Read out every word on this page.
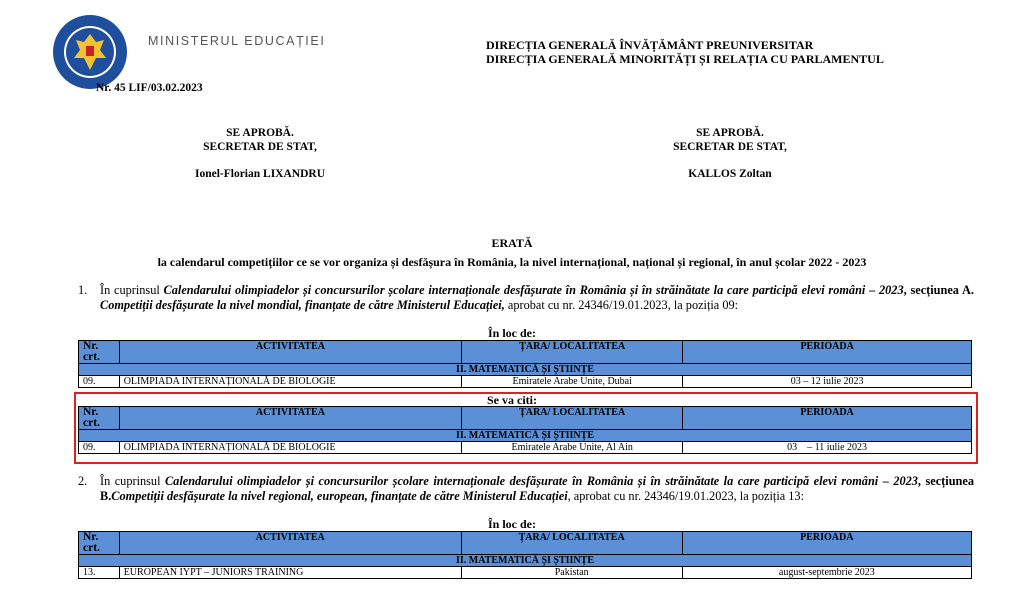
MINISTERUL EDUCAȚIEI	DIRECȚIA GENERALĂ ÎNVĂȚĂMÂNT PREUNIVERSITAR
DIRECȚIA GENERALĂ MINORITĂȚI ȘI RELAȚIA CU PARLAMENTUL
Nr. 45 LIF/03.02.2023
SE APROBĂ.
SECRETAR DE STAT,
Ionel-Florian LIXANDRU
SE APROBĂ.
SECRETAR DE STAT,
KALLOS Zoltan
ERATĂ
la calendarul competițiilor ce se vor organiza și desfășura în România, la nivel internațional, național și regional, în anul școlar 2022 - 2023
1. În cuprinsul Calendarului olimpiadelor și concursurilor școlare internaționale desfășurate în România și în străinătate la care participă elevi români – 2023, secțiunea A. Competiții desfășurate la nivel mondial, finanțate de către Ministerul Educației, aprobat cu nr. 24346/19.01.2023, la poziția 09:
În loc de:
Nr.
crt.	ACTIVITATEA	ȚARA/ LOCALITATEA	PERIOADA
II. MATEMATICĂ ȘI ȘTIINȚE			
09.	OLIMPIADA INTERNAȚIONALĂ DE BIOLOGIE	Emiratele Arabe Unite, Dubai	03 – 12 iulie 2023
Se va citi:
Nr.
crt.	ACTIVITATEA	ȚARA/ LOCALITATEA	PERIOADA
II. MATEMATICĂ ȘI ȘTIINȚE			
09.	OLIMPIADA INTERNAȚIONALĂ DE BIOLOGIE	Emiratele Arabe Unite, Al Ain	03    – 11 iulie 2023
2. În cuprinsul Calendarului olimpiadelor și concursurilor școlare internaționale desfășurate în România și în străinătate la care participă elevi români – 2023, secțiunea B.Competiții desfășurate la nivel regional, european, finanțate de către Ministerul Educației, aprobat cu nr. 24346/19.01.2023, la poziția 13:
În loc de:
Nr.
crt.	ACTIVITATEA	ȚARA/ LOCALITATEA	PERIOADA
II. MATEMATICĂ ȘI ȘTIINȚE			
13.	EUROPEAN IYPT – JUNIORS TRAINING	Pakistan	august-septembrie 2023
